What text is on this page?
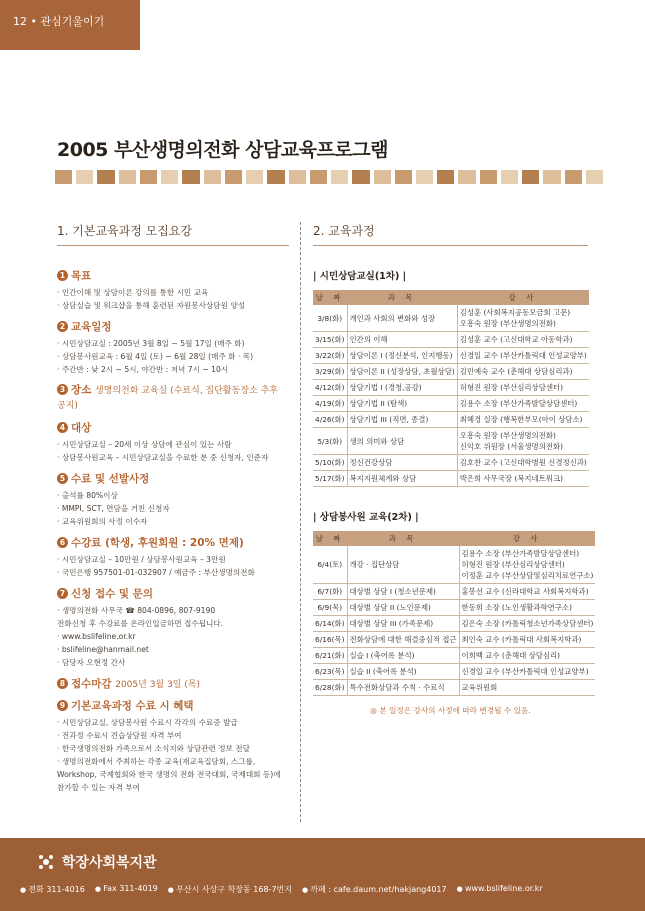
12 • 관심기울이기
2005 부산생명의전화 상담교육프로그램
1. 기본교육과정 모집요강
1 목표
· 인간이해 및 상담이론 강의를 통한 시민 교육
· 상담실습 및 워크샵을 통해 훈련된 자원봉사상담원 양성
2 교육일정
· 시민상담교실 : 2005년 3월 8일 ~ 5월 17일 (매주 화)
· 상담봉사원교육 : 6월 4일 (토) ~ 6월 28일 (매주 화 · 목)
· 주간반 : 낮 2시 ~ 5시, 야간반 : 저녁 7시 ~ 10시
3 장소 생명의전화 교육실 (수료식, 집단활동장소 추후 공지)
4 대상
· 시민상담교실 – 20세 이상 상담에 관심이 있는 사람
· 상담봉사원교육 – 시민상담교실을 수료한 분 중 신청자, 인준자
5 수료 및 선발사정
· 출석률 80%이상
· MMPI, SCT, 면담을 거친 신청자
· 교육위원회의 사정 이수자
6 수강료 (학생, 후원회원 : 20% 면제)
· 시민상담교실 – 10만원 / 상담봉사원교육 – 3만원
· 국민은행 957501-01-032907 / 예금주 : 부산생명의전화
7 신청 접수 및 문의
· 생명의전화 사무국 ☎ 804-0896, 807-9190
전화신청 후 수강료를 온라인입금하면 접수됩니다.
· www.bslifeline.or.kr
· bslifeline@hanmail.net
· 담당자 오현정 간사
8 접수마감 2005년 3월 3일 (목)
9 기본교육과정 수료 시 혜택
· 시민상담교실, 상담봉사원 수료시 각각의 수료증 발급
· 전과정 수료시 견습상담원 자격 부여
· 한국생명의전화 가족으로서 소식지와 상담관련 정보 전달
· 생명의전화에서 주최하는 각종 교육(재교육집담회, 스그룹,
Workshop, 국제협회와 한국 생명의 전화 전국대회, 국제대회 등)에
참가할 수 있는 자격 부여
2. 교육과정
| 시민상담교실(1차) |
날 짜	과 목	강 사
3/8(화)	개인과 사회의 변화와 성장	김성훈 (사회복지공동모금회 고문)
오흥숙 원장 (부산생명의전화)

3/15(화)	인간의 이해	김성훈 교수 (고신대학교 아동학과)

3/22(화)	상담이론 I (정신분석, 인지행동)	신경일 교수 (부산카톨릭대 인성교양부)

3/29(화)	상담이론 II (성장상담, 초월상담)	김민예숙 교수 (춘해대 상담심리과)

4/12(화)	상담기법 I (경청,공감)	허형진 원장 (부산심리상담센터)

4/19(화)	상담기법 II (탐색)	김용수 소장 (부산가족발달상담센터)

4/26(화)	상담기법 III (직면, 종결)	최혜경 실장 (행복한부모(아이 상담소)

5/3(화)	생의 의미와 상담	오흥숙 원장 (부산생명의전화)
신익호 위원장 (서울생명의전화)

5/10(화)	정신건강상담	김호찬 교수 (고신대학병원 신경정신과)

5/17(화)	복지지원체계와 상담	박은희 사무국장 (복지네트워크)
| 상담봉사원 교육(2차) |
날 짜	과 목	강 사
6/4(토)	개강 · 집단상담	김용수 소장 (부산가족발달상담센터)
허형진 원장 (부산심리상담센터)
이정훈 교수 (부산상담및심리치료연구소)

6/7(화)	대상별 상담 I (청소년문제)	홍봉선 교수 (신라대학교 사회복지학과)

6/9(목)	대상별 상담 II (노인문제)	한동희 소장 (노인생활과학연구소)

6/14(화)	대상별 상담 III (가족문제)	김은숙 소장 (카톨릭청소년가족상담센터)

6/16(목)	전화상담에 대한 해결중심적 접근	최인숙 교수 (카톨릭대 사회복지학과)

6/21(화)	실습 I (축어록 분석)	이희백 교수 (춘해대 상담심리)

6/23(목)	실습 II (축어록 분석)	신경일 교수 (부산카톨릭대 인성교양부)

6/28(화)	특수전화상담과 수칙 · 수료식	교육위원회
◎ 본 일정은 강사의 사정에 따라 변경될 수 있음.
학장사회복지관
● 전화 311-4016	● Fax 311-4019	● 부산시 사상구 학장동 168-7번지	● 까페 : cafe.daum.net/hakjang4017	● www.bslifeline.or.kr
